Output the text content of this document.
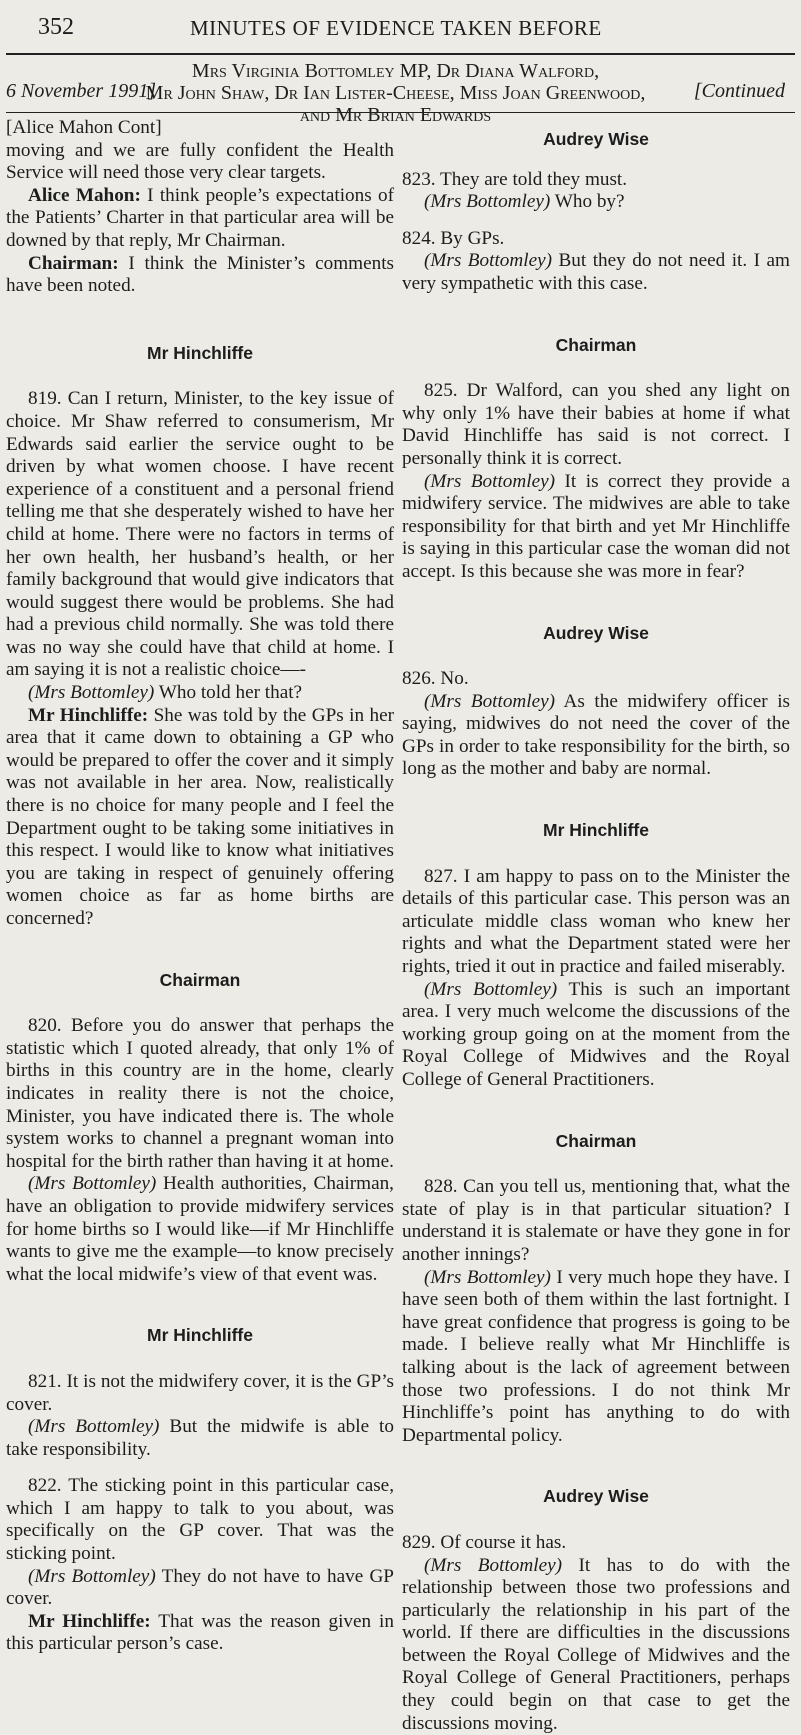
352	MINUTES OF EVIDENCE TAKEN BEFORE
6 November 1991]
Mrs Virginia Bottomley MP, Dr Diana Walford,
Mr John Shaw, Dr Ian Lister-Cheese, Miss Joan Greenwood,
and Mr Brian Edwards
[Continued

[Alice Mahon Cont]

moving and we are fully confident the Health Service will need those very clear targets.

Alice Mahon: I think people’s expectations of the Patients’ Charter in that particular area will be downed by that reply, Mr Chairman.

Chairman: I think the Minister’s comments have been noted.

Mr Hinchliffe

819. Can I return, Minister, to the key issue of choice. Mr Shaw referred to consumerism, Mr Edwards said earlier the service ought to be driven by what women choose. I have recent experience of a constituent and a personal friend telling me that she desperately wished to have her child at home. There were no factors in terms of her own health, her husband’s health, or her family background that would give indicators that would suggest there would be problems. She had had a previous child normally. She was told there was no way she could have that child at home. I am saying it is not a realistic choice—-

(Mrs Bottomley) Who told her that?

Mr Hinchliffe: She was told by the GPs in her area that it came down to obtaining a GP who would be prepared to offer the cover and it simply was not available in her area. Now, realistically there is no choice for many people and I feel the Department ought to be taking some initiatives in this respect. I would like to know what initiatives you are taking in respect of genuinely offering women choice as far as home births are concerned?

Chairman

820. Before you do answer that perhaps the statistic which I quoted already, that only 1% of births in this country are in the home, clearly indicates in reality there is not the choice, Minister, you have indicated there is. The whole system works to channel a pregnant woman into hospital for the birth rather than having it at home.

(Mrs Bottomley) Health authorities, Chairman, have an obligation to provide midwifery services for home births so I would like—if Mr Hinchliffe wants to give me the example—to know precisely what the local midwife’s view of that event was.

Mr Hinchliffe

821. It is not the midwifery cover, it is the GP’s cover.

(Mrs Bottomley) But the midwife is able to take responsibility.

822. The sticking point in this particular case, which I am happy to talk to you about, was specifically on the GP cover. That was the sticking point.

(Mrs Bottomley) They do not have to have GP cover.

Mr Hinchliffe: That was the reason given in this particular person’s case.

Audrey Wise

823. They are told they must.

(Mrs Bottomley) Who by?

824. By GPs.

(Mrs Bottomley) But they do not need it. I am very sympathetic with this case.

Chairman

825. Dr Walford, can you shed any light on why only 1% have their babies at home if what David Hinchliffe has said is not correct. I personally think it is correct.

(Mrs Bottomley) It is correct they provide a midwifery service. The midwives are able to take responsibility for that birth and yet Mr Hinchliffe is saying in this particular case the woman did not accept. Is this because she was more in fear?

Audrey Wise

826. No.

(Mrs Bottomley) As the midwifery officer is saying, midwives do not need the cover of the GPs in order to take responsibility for the birth, so long as the mother and baby are normal.

Mr Hinchliffe

827. I am happy to pass on to the Minister the details of this particular case. This person was an articulate middle class woman who knew her rights and what the Department stated were her rights, tried it out in practice and failed miserably.

(Mrs Bottomley) This is such an important area. I very much welcome the discussions of the working group going on at the moment from the Royal College of Midwives and the Royal College of General Practitioners.

Chairman

828. Can you tell us, mentioning that, what the state of play is in that particular situation? I understand it is stalemate or have they gone in for another innings?

(Mrs Bottomley) I very much hope they have. I have seen both of them within the last fortnight. I have great confidence that progress is going to be made. I believe really what Mr Hinchliffe is talking about is the lack of agreement between those two professions. I do not think Mr Hinchliffe’s point has anything to do with Departmental policy.

Audrey Wise

829. Of course it has.

(Mrs Bottomley) It has to do with the relationship between those two professions and particularly the relationship in his part of the world. If there are difficulties in the discussions between the Royal College of Midwives and the Royal College of General Practitioners, perhaps they could begin on that case to get the discussions moving.
